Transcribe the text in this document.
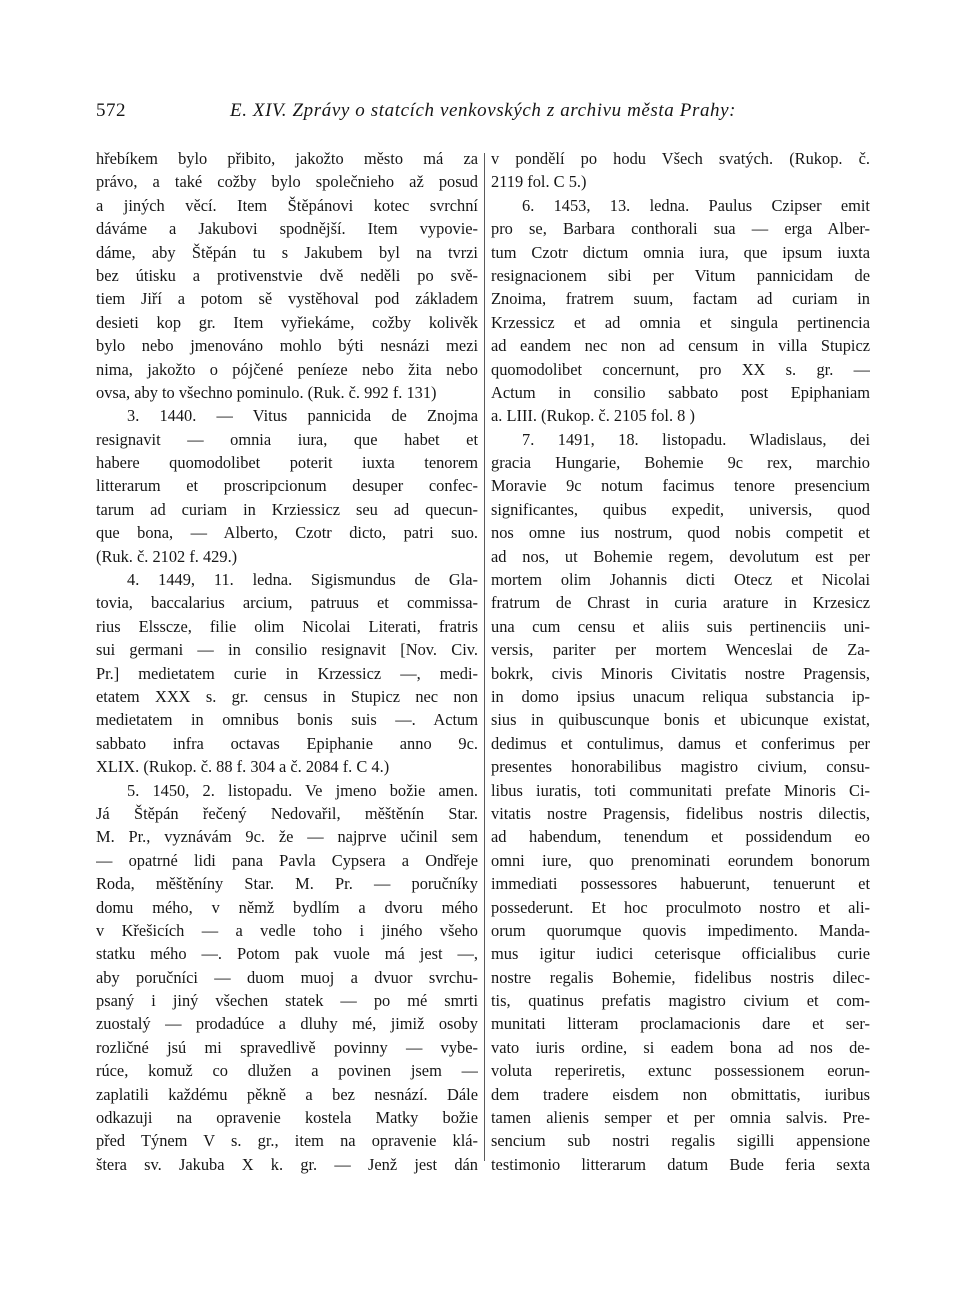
572	E. XIV. Zprávy o statcích venkovských z archivu města Prahy:
hřebíkem bylo přibito, jakožto město má za
právo, a také cožby bylo společnieho až posud
a jiných věcí. Item Štěpánovi kotec svrchní
dáváme a Jakubovi spodnější. Item vypovie-
dáme, aby Štěpán tu s Jakubem byl na tvrzi
bez útisku a protivenstvie dvě neděli po svě-
tiem Jiří a potom sě vystěhoval pod základem
desieti kop gr. Item vyřiekáme, cožby kolivěk
bylo nebo jmenováno mohlo býti nesnázi mezi
nima, jakožto o pójčené peníeze nebo žita nebo
ovsa, aby to všechno pominulo. (Ruk. č. 992 f. 131)
3. 1440. — Vitus pannicida de Znojma
resignavit — omnia iura, que habet et
habere quomodolibet poterit iuxta tenorem
litterarum et proscripcionum desuper confec-
tarum ad curiam in Krziessicz seu ad quecun-
que bona, — Alberto, Czotr dicto, patri suo.
(Ruk. č. 2102 f. 429.)
4. 1449, 11. ledna. Sigismundus de Gla-
tovia, baccalarius arcium, patruus et commissa-
rius Elsscze, filie olim Nicolai Literati, fratris
sui germani — in consilio resignavit [Nov. Civ.
Pr.] medietatem curie in Krzessicz —, medi-
etatem XXX s. gr. census in Stupicz nec non
medietatem in omnibus bonis suis —. Actum
sabbato infra octavas Epiphanie anno 9c.
XLIX. (Rukop. č. 88 f. 304 a č. 2084 f. C 4.)
5. 1450, 2. listopadu. Ve jmeno božie amen.
Já Štěpán řečený Nedovařil, měštěnín Star.
M. Pr., vyznávám 9c. že — najprve učinil sem
— opatrné lidi pana Pavla Cypsera a Ondřeje
Roda, měštěníny Star. M. Pr. — poručníky
domu mého, v němž bydlím a dvoru mého
v Křešicích — a vedle toho i jiného všeho
statku mého —. Potom pak vuole má jest —,
aby poručníci — duom muoj a dvuor svrchu-
psaný i jiný všechen statek — po mé smrti
zuostalý — prodadúce a dluhy mé, jimiž osoby
rozličné jsú mi spravedlivě povinny — vybe-
rúce, komuž co dlužen a povinen jsem —
zaplatili každému pěkně a bez nesnází. Dále
odkazuji na opravenie kostela Matky božie
před Týnem V s. gr., item na opravenie klá-
štera sv. Jakuba X k. gr. — Jenž jest dán
v pondělí po hodu Všech svatých. (Rukop. č.
2119 fol. C 5.)
6. 1453, 13. ledna. Paulus Czipser emit
pro se, Barbara conthorali sua — erga Alber-
tum Czotr dictum omnia iura, que ipsum iuxta
resignacionem sibi per Vitum pannicidam de
Znoima, fratrem suum, factam ad curiam in
Krzessicz et ad omnia et singula pertinencia
ad eandem nec non ad censum in villa Stupicz
quomodolibet concernunt, pro XX s. gr. —
Actum in consilio sabbato post Epiphaniam
a. LIII. (Rukop. č. 2105 fol. 8 )
7. 1491, 18. listopadu. Wladislaus, dei
gracia Hungarie, Bohemie 9c rex, marchio
Moravie 9c notum facimus tenore presencium
significantes, quibus expedit, universis, quod
nos omne ius nostrum, quod nobis competit et
ad nos, ut Bohemie regem, devolutum est per
mortem olim Johannis dicti Otecz et Nicolai
fratrum de Chrast in curia arature in Krzesicz
una cum censu et aliis suis pertinenciis uni-
versis, pariter per mortem Wenceslai de Za-
bokrk, civis Minoris Civitatis nostre Pragensis,
in domo ipsius unacum reliqua substancia ip-
sius in quibuscunque bonis et ubicunque existat,
dedimus et contulimus, damus et conferimus per
presentes honorabilibus magistro civium, consu-
libus iuratis, toti communitati prefate Minoris Ci-
vitatis nostre Pragensis, fidelibus nostris dilectis,
ad habendum, tenendum et possidendum eo
omni iure, quo prenominati eorundem bonorum
immediati possessores habuerunt, tenuerunt et
possederunt. Et hoc proculmoto nostro et ali-
orum quorumque quovis impedimento. Manda-
mus igitur iudici ceterisque officialibus curie
nostre regalis Bohemie, fidelibus nostris dilec-
tis, quatinus prefatis magistro civium et com-
munitati litteram proclamacionis dare et ser-
vato iuris ordine, si eadem bona ad nos de-
voluta reperiretis, extunc possessionem eorun-
dem tradere eisdem non obmittatis, iuribus
tamen alienis semper et per omnia salvis. Pre-
sencium sub nostri regalis sigilli appensione
testimonio litterarum datum Bude feria sexta
